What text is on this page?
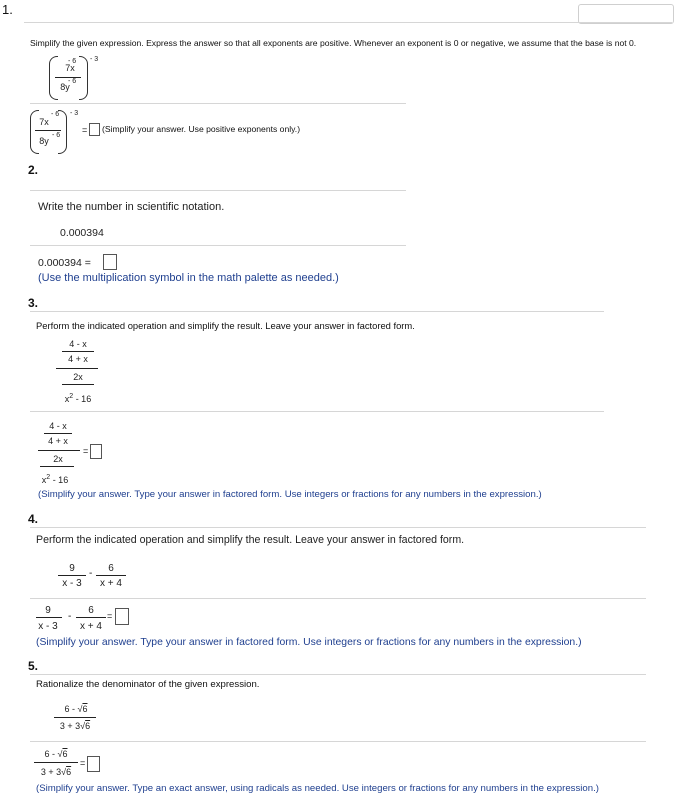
1.
Simplify the given expression. Express the answer so that all exponents are positive. Whenever an exponent is 0 or negative, we assume that the base is not 0.
7x
- 6
8y
- 6
- 3
7x
- 6
8y
- 6
- 3
= (Simplify your answer. Use positive exponents only.)
2.
Write the number in scientific notation.
0.000394
0.000394 =
(Use the multiplication symbol in the math palette as needed.)
3.
Perform the indicated operation and simplify the result. Leave your answer in factored form.
4 - x
4 + x
2x
$x^2 - 16$
4 - x
4 + x
2x
$x^2 - 16$
=
(Simplify your answer. Type your answer in factored form. Use integers or fractions for any numbers in the expression.)
4.
Perform the indicated operation and simplify the result. Leave your answer in factored form.
9
x - 3
-	6
x + 4
9
x - 3
-
6
x + 4
=
(Simplify your answer. Type your answer in factored form. Use integers or fractions for any numbers in the expression.)
5.
Rationalize the denominator of the given expression.
6 - √6
3 + 3√6
6 - √6
3 + 3√6
=
(Simplify your answer. Type an exact answer, using radicals as needed. Use integers or fractions for any numbers in the expression.)
